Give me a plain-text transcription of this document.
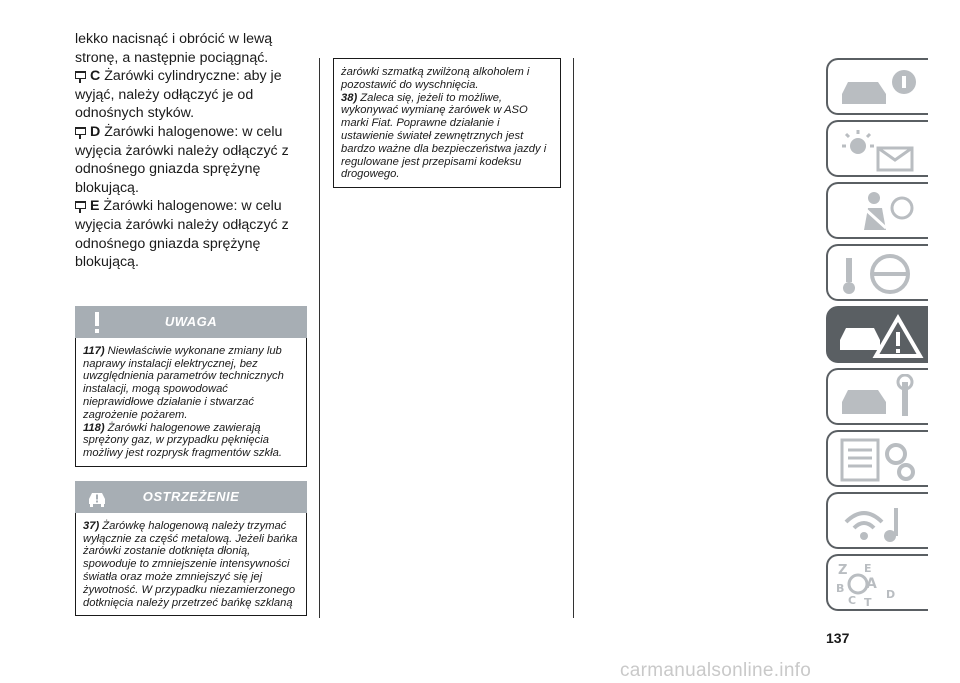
lekko nacisnąć i obrócić w lewą stronę, a następnie pociągnąć.

C Żarówki cylindryczne: aby je wyjąć, należy odłączyć je od odnośnych styków.

D Żarówki halogenowe: w celu wyjęcia żarówki należy odłączyć z odnośnego gniazda sprężynę blokującą.

E Żarówki halogenowe: w celu wyjęcia żarówki należy odłączyć z odnośnego gniazda sprężynę blokującą.

UWAGA

117) Niewłaściwie wykonane zmiany lub naprawy instalacji elektrycznej, bez uwzględnienia parametrów technicznych instalacji, mogą spowodować nieprawidłowe działanie i stwarzać zagrożenie pożarem.

118) Żarówki halogenowe zawierają sprężony gaz, w przypadku pęknięcia możliwy jest rozprysk fragmentów szkła.

OSTRZEŻENIE

37) Żarówkę halogenową należy trzymać wyłącznie za część metalową. Jeżeli bańka żarówki zostanie dotknięta dłonią, spowoduje to zmniejszenie intensywności światła oraz może zmniejszyć się jej żywotność. W przypadku niezamierzonego dotknięcia należy przetrzeć bańkę szklaną

żarówki szmatką zwilżoną alkoholem i pozostawić do wyschnięcia.

38) Zaleca się, jeżeli to możliwe, wykonywać wymianę żarówek w ASO marki Fiat. Poprawne działanie i ustawienie świateł zewnętrznych jest bardzo ważne dla bezpieczeństwa jazdy i regulowane jest przepisami kodeksu drogowego.

Z E
B A
C	D
T
137
carmanualsonline.info
